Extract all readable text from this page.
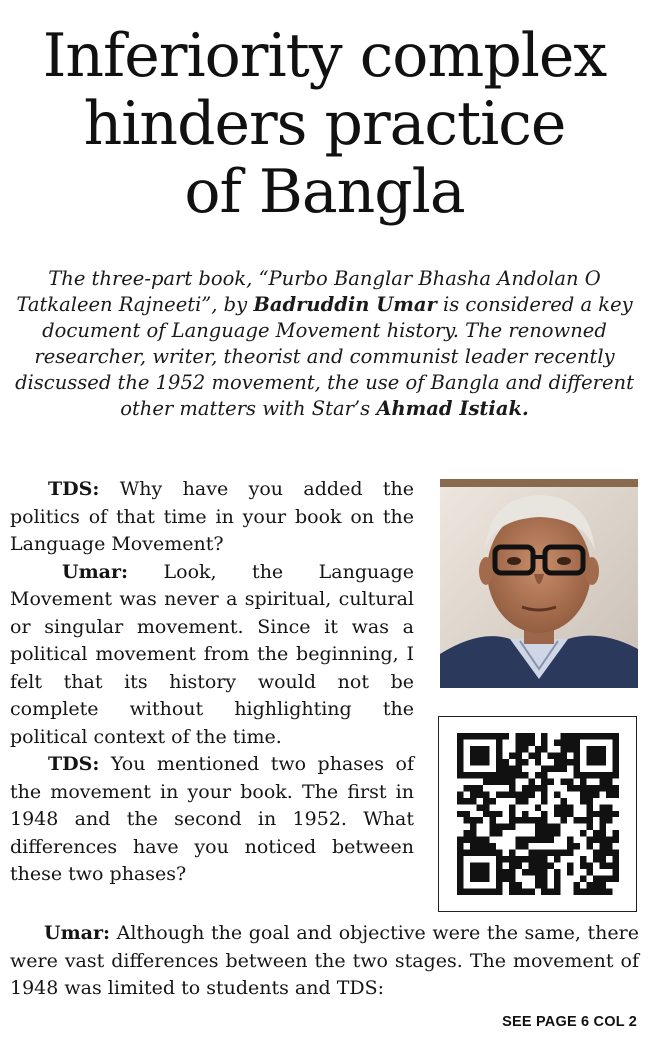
Inferiority complex
hinders practice
of Bangla
The three-part book, “Purbo Banglar Bhasha Andolan O Tatkaleen Rajneeti”, by Badruddin Umar is considered a key document of Language Movement history. The renowned researcher, writer, theorist and communist leader recently discussed the 1952 movement, the use of Bangla and different other matters with Star’s Ahmad Istiak.

TDS: Why have you added the politics of that time in your book on the Language Movement?

Umar: Look, the Language Movement was never a spiritual, cultural or singular movement. Since it was a political movement from the beginning, I felt that its history would not be complete without highlighting the political context of the time.

TDS: You mentioned two phases of the movement in your book. The first in 1948 and the second in 1952. What differences have you noticed between these two phases?

Umar: Although the goal and objective were the same, there were vast differences between the two stages. The movement of 1948 was limited to students and TDS:

SEE PAGE 6 COL 2
